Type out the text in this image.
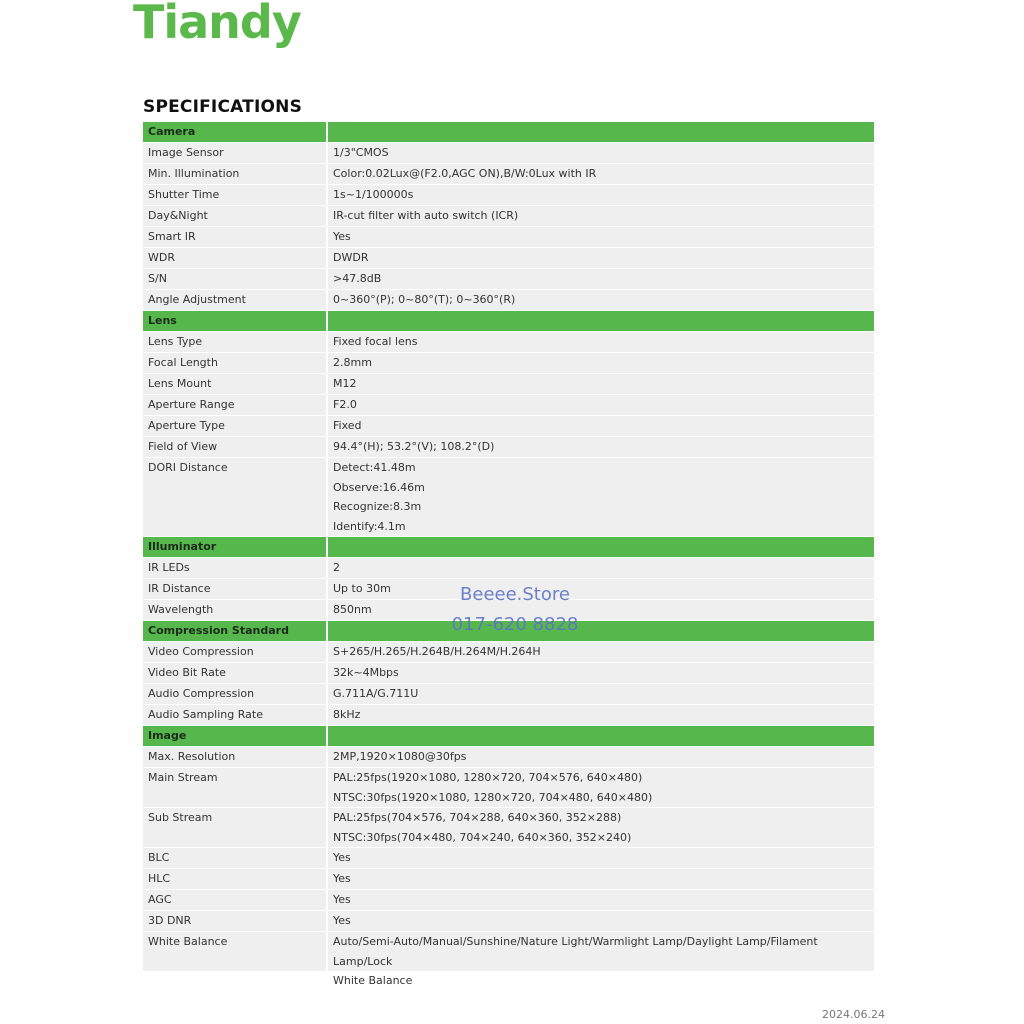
Tiandy
SPECIFICATIONS
Camera
Image Sensor	1/3"CMOS
Min. Illumination	Color:0.02Lux@(F2.0,AGC ON),B/W:0Lux with IR
Shutter Time	1s~1/100000s
Day&Night	IR-cut filter with auto switch (ICR)
Smart IR	Yes
WDR	DWDR
S/N	>47.8dB
Angle Adjustment	0~360°(P); 0~80°(T); 0~360°(R)
Lens
Lens Type	Fixed focal lens
Focal Length	2.8mm
Lens Mount	M12
Aperture Range	F2.0
Aperture Type	Fixed
Field of View	94.4°(H); 53.2°(V); 108.2°(D)
DORI Distance	Detect:41.48m
Observe:16.46m
Recognize:8.3m
Identify:4.1m
Illuminator
IR LEDs	2
IR Distance	Up to 30m
Wavelength	850nm
Compression Standard
Video Compression	S+265/H.265/H.264B/H.264M/H.264H
Video Bit Rate	32k~4Mbps
Audio Compression	G.711A/G.711U
Audio Sampling Rate	8kHz
Image
Max. Resolution	2MP,1920×1080@30fps
Main Stream	PAL:25fps(1920×1080, 1280×720, 704×576, 640×480)
NTSC:30fps(1920×1080, 1280×720, 704×480, 640×480)
Sub Stream	PAL:25fps(704×576, 704×288, 640×360, 352×288)
NTSC:30fps(704×480, 704×240, 640×360, 352×240)
BLC	Yes
HLC	Yes
AGC	Yes
3D DNR	Yes
White Balance	Auto/Semi-Auto/Manual/Sunshine/Nature Light/Warmlight Lamp/Daylight Lamp/Filament Lamp/Lock
White Balance
Beeee.Store
017-620 8828
2024.06.24
